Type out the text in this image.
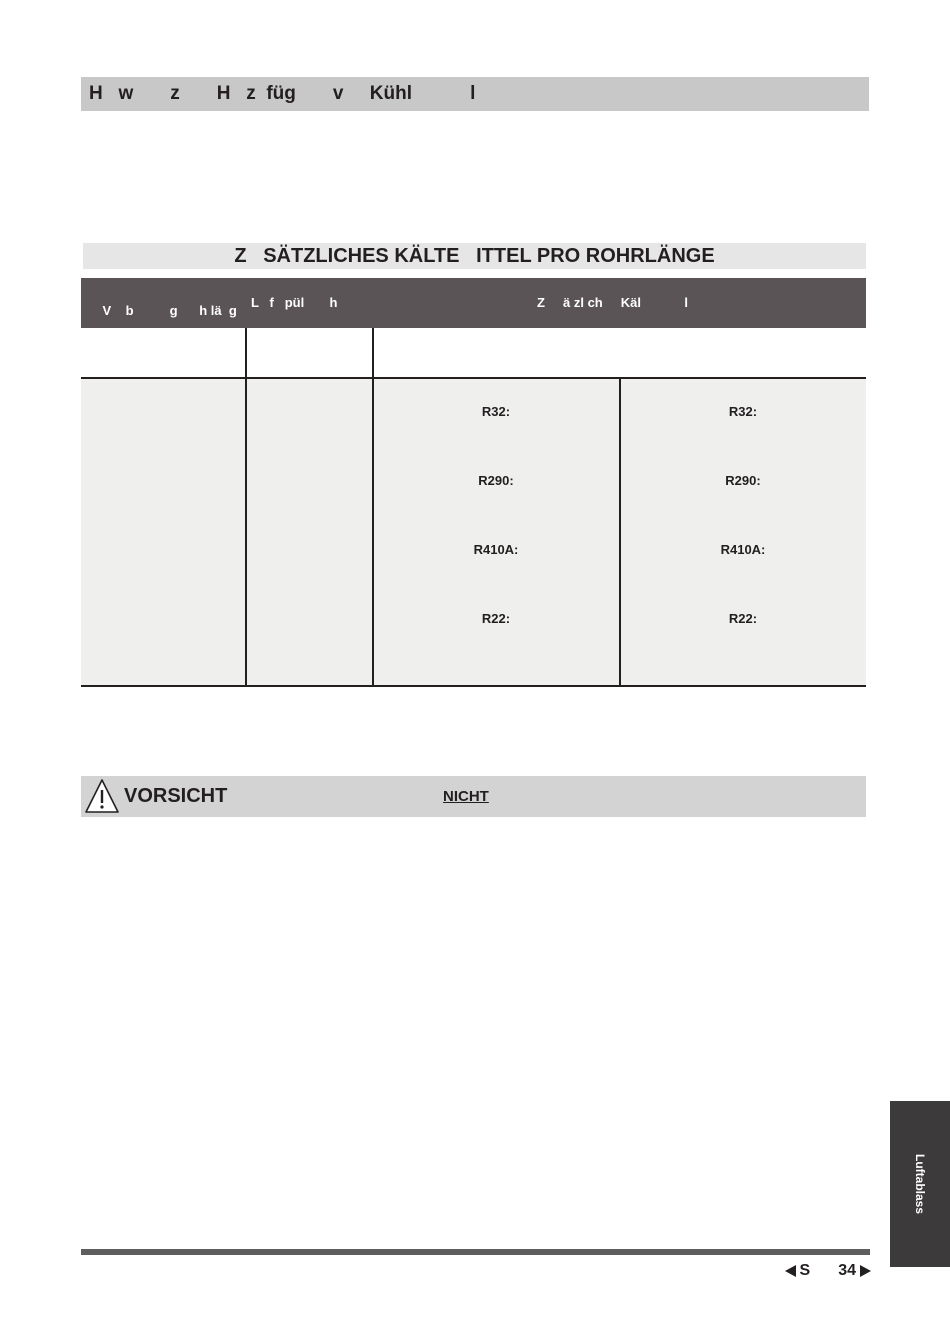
H   w       z       H   z  füg       v     Kühl           l
Z   SÄTZLICHES KÄLTE   ITTEL PRO ROHRLÄNGE

V    b          g      h lä  g

L   f   pül       h	Z     ä zl ch     Käl            l
R32:
R290:
R410A:
R22:
R32:
R290:
R410A:
R22:
VORSICHT	NICHT
Luftablass
S 34
